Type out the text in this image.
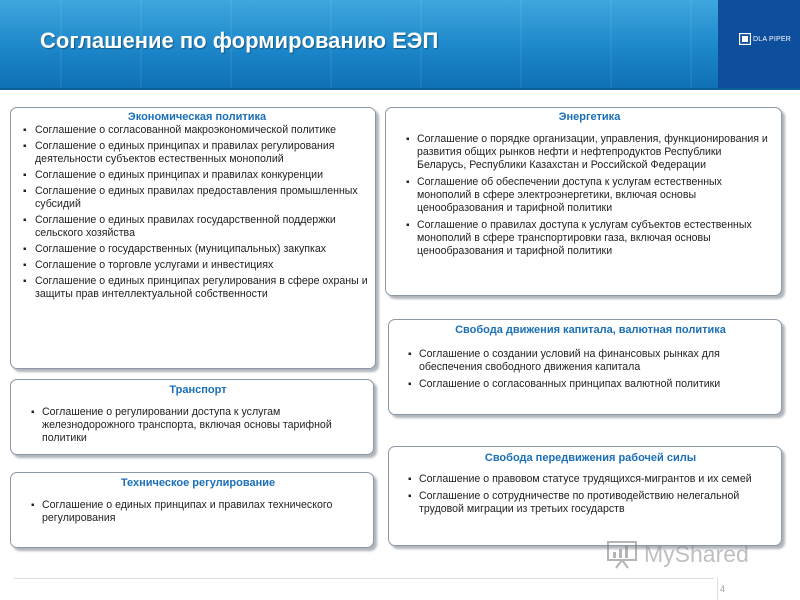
Соглашение по формированию ЕЭП	DLA PIPER
Экономическая политика
▪ Соглашение о согласованной макроэкономической политике
▪ Соглашение о единых принципах и правилах регулирования деятельности субъектов естественных монополий
▪ Соглашение о единых принципах и правилах конкуренции
▪ Соглашение о единых правилах предоставления промышленных субсидий
▪ Соглашение о единых правилах государственной поддержки сельского хозяйства
▪ Соглашение о государственных (муниципальных) закупках
▪ Соглашение о торговле услугами и инвестициях
▪ Соглашение о единых принципах регулирования в сфере охраны и защиты прав интеллектуальной собственности
Энергетика
▪ Соглашение о порядке организации, управления, функционирования и развития общих рынков нефти и нефтепродуктов Республики Беларусь, Республики Казахстан и Российской Федерации
▪ Соглашение об обеспечении доступа к услугам естественных монополий в сфере электроэнергетики, включая основы ценообразования и тарифной политики
▪ Соглашение о правилах доступа к услугам субъектов естественных монополий в сфере транспортировки газа, включая основы ценообразования и тарифной политики
Свобода движения капитала, валютная политика
▪ Соглашение о создании условий на финансовых рынках для обеспечения свободного движения капитала
▪ Соглашение о согласованных принципах валютной политики
Транспорт
▪ Соглашение о регулировании доступа к услугам железнодорожного транспорта, включая основы тарифной политики
Свобода передвижения рабочей силы
▪ Соглашение о правовом статусе трудящихся-мигрантов и их семей
▪ Соглашение о сотрудничестве по противодействию нелегальной трудовой миграции из третьих государств
Техническое регулирование
▪ Соглашение о единых принципах и правилах технического регулирования
MyShared
4
